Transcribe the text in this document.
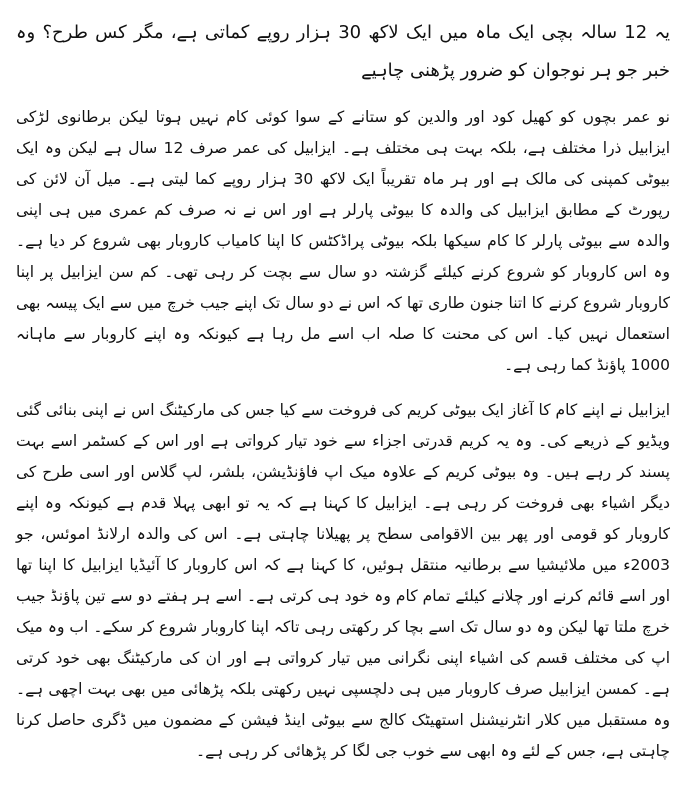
یہ 12 سالہ بچی ایک ماہ میں ایک لاکھ 30 ہزار روپے کماتی ہے، مگر کس طرح؟ وہ خبر جو ہر نوجوان کو ضرور پڑھنی چاہیے

نو عمر بچوں کو کھیل کود اور والدین کو ستانے کے سوا کوئی کام نہیں ہوتا لیکن برطانوی لڑکی ایزابیل ذرا مختلف ہے، بلکہ بہت ہی مختلف ہے۔ ایزابیل کی عمر صرف 12 سال ہے لیکن وہ ایک بیوٹی کمپنی کی مالک ہے اور ہر ماہ تقریباً ایک لاکھ 30 ہزار روپے کما لیتی ہے۔ میل آن لائن کی رپورٹ کے مطابق ایزابیل کی والدہ کا بیوٹی پارلر ہے اور اس نے نہ صرف کم عمری میں ہی اپنی والدہ سے بیوٹی پارلر کا کام سیکھا بلکہ بیوٹی پراڈکٹس کا اپنا کامیاب کاروبار بھی شروع کر دیا ہے۔ وہ اس کاروبار کو شروع کرنے کیلئے گزشتہ دو سال سے بچت کر رہی تھی۔ کم سن ایزابیل پر اپنا کاروبار شروع کرنے کا اتنا جنون طاری تھا کہ اس نے دو سال تک اپنے جیب خرچ میں سے ایک پیسہ بھی استعمال نہیں کیا۔ اس کی محنت کا صلہ اب اسے مل رہا ہے کیونکہ وہ اپنے کاروبار سے ماہانہ 1000 پاؤنڈ کما رہی ہے۔

ایزابیل نے اپنے کام کا آغاز ایک بیوٹی کریم کی فروخت سے کیا جس کی مارکیٹنگ اس نے اپنی بنائی گئی ویڈیو کے ذریعے کی۔ وہ یہ کریم قدرتی اجزاء سے خود تیار کرواتی ہے اور اس کے کسٹمر اسے بہت پسند کر رہے ہیں۔ وہ بیوٹی کریم کے علاوہ میک اپ فاؤنڈیشن، بلشر، لپ گلاس اور اسی طرح کی دیگر اشیاء بھی فروخت کر رہی ہے۔ ایزابیل کا کہنا ہے کہ یہ تو ابھی پہلا قدم ہے کیونکہ وہ اپنے کاروبار کو قومی اور پھر بین الاقوامی سطح پر پھیلانا چاہتی ہے۔ اس کی والدہ ارلانڈ اموئس، جو 2003ء میں ملائیشیا سے برطانیہ منتقل ہوئیں، کا کہنا ہے کہ اس کاروبار کا آئیڈیا ایزابیل کا اپنا تھا اور اسے قائم کرنے اور چلانے کیلئے تمام کام وہ خود ہی کرتی ہے۔ اسے ہر ہفتے دو سے تین پاؤنڈ جیب خرچ ملتا تھا لیکن وہ دو سال تک اسے بچا کر رکھتی رہی تاکہ اپنا کاروبار شروع کر سکے۔ اب وہ میک اپ کی مختلف قسم کی اشیاء اپنی نگرانی میں تیار کرواتی ہے اور ان کی مارکیٹنگ بھی خود کرتی ہے۔ کمسن ایزابیل صرف کاروبار میں ہی دلچسپی نہیں رکھتی بلکہ پڑھائی میں بھی بہت اچھی ہے۔ وہ مستقبل میں کلار انٹرنیشنل استھیٹک کالج سے بیوٹی اینڈ فیشن کے مضمون میں ڈگری حاصل کرنا چاہتی ہے، جس کے لئے وہ ابھی سے خوب جی لگا کر پڑھائی کر رہی ہے۔
